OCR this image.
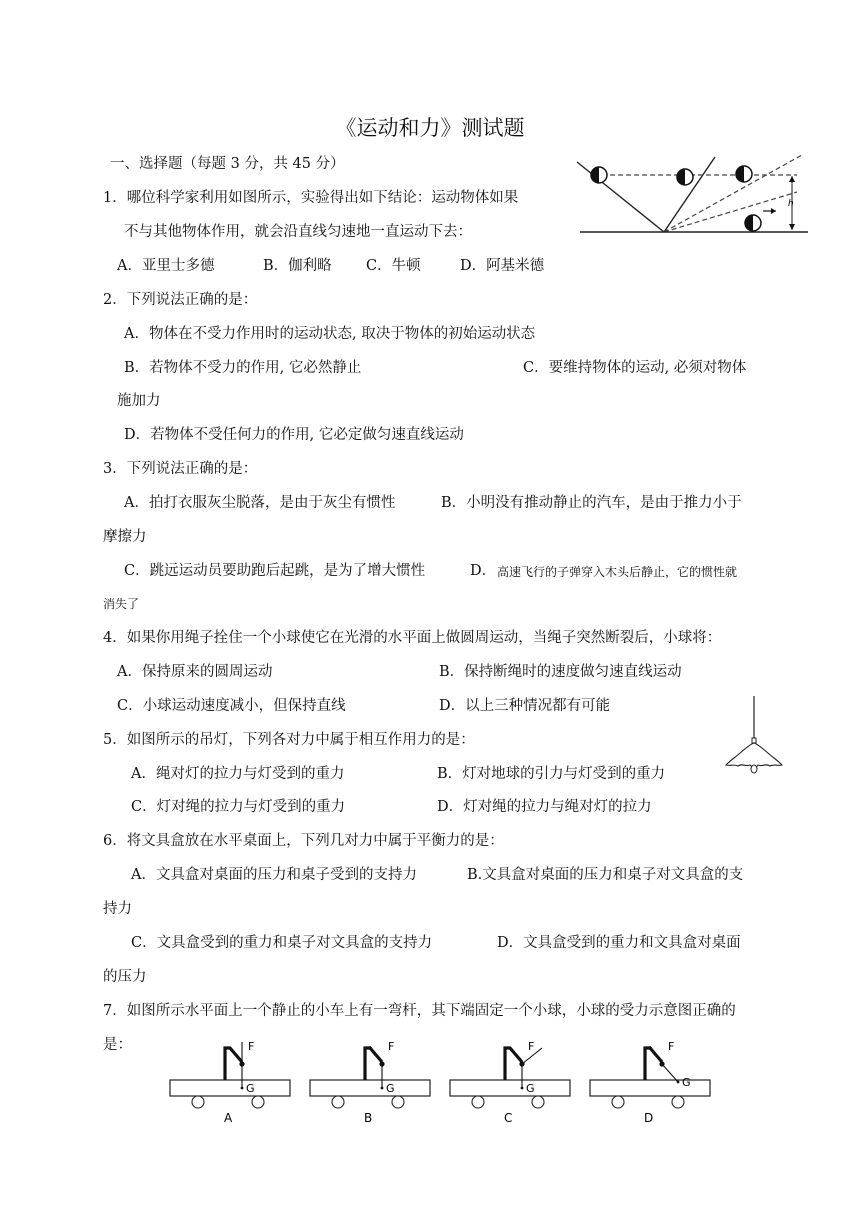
《运动和力》测试题
一、选择题（每题 3 分，共 45 分）
1．哪位科学家利用如图所示，实验得出如下结论：运动物体如果
不与其他物体作用，就会沿直线匀速地一直运动下去：
A．亚里士多德	B．伽利略 C．牛顿	D．阿基米德
h
2．下列说法正确的是：
A．物体在不受力作用时的运动状态, 取决于物体的初始运动状态
B．若物体不受力的作用, 它必然静止	C．要维持物体的运动, 必须对物体
施加力
D．若物体不受任何力的作用, 它必定做匀速直线运动
3．下列说法正确的是：
A．拍打衣服灰尘脱落，是由于灰尘有惯性	B．小明没有推动静止的汽车，是由于推力小于
摩擦力
C．跳远运动员要助跑后起跳，是为了增大惯性	D． 高速飞行的子弹穿入木头后静止，它的惯性就
消失了
4．如果你用绳子拴住一个小球使它在光滑的水平面上做圆周运动，当绳子突然断裂后，小球将：
A．保持原来的圆周运动	B．保持断绳时的速度做匀速直线运动
C．小球运动速度减小，但保持直线	D．以上三种情况都有可能
5．如图所示的吊灯，下列各对力中属于相互作用力的是：
A．绳对灯的拉力与灯受到的重力	B．灯对地球的引力与灯受到的重力
C．灯对绳的拉力与灯受到的重力	D．灯对绳的拉力与绳对灯的拉力
6．将文具盒放在水平桌面上，下列几对力中属于平衡力的是：
A．文具盒对桌面的压力和桌子受到的支持力	B.文具盒对桌面的压力和桌子对文具盒的支
持力
C．文具盒受到的重力和桌子对文具盒的支持力	D．文具盒受到的重力和文具盒对桌面
的压力
7．如图所示水平面上一个静止的小车上有一弯杆，其下端固定一个小球，小球的受力示意图正确的
是：	F
G
A
F
G
B
F
G
C
F
G
D
